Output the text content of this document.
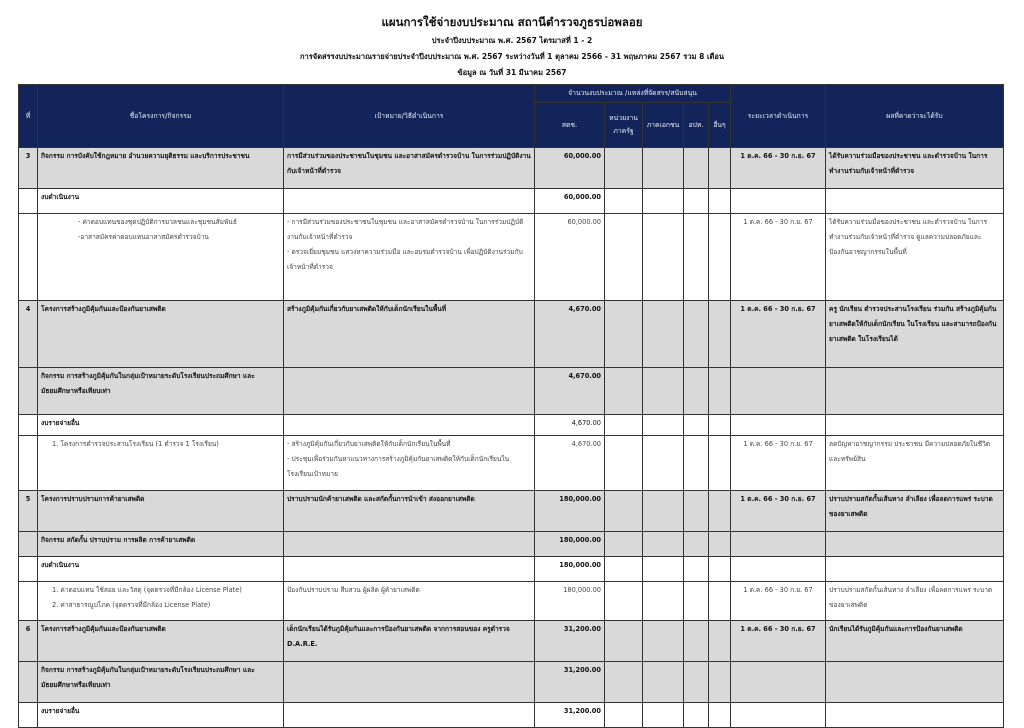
แผนการใช้จ่ายงบประมาณ สถานีตำรวจภูธรบ่อพลอย
ประจำปีงบประมาณ พ.ศ. 2567 ไตรมาสที่ 1 - 2
การจัดสรรงบประมาณรายจ่ายประจำปีงบประมาณ พ.ศ. 2567 ระหว่างวันที่ 1 ตุลาคม 2566 - 31 พฤษภาคม 2567 รวม 8 เดือน
ข้อมูล ณ วันที่ 31 มีนาคม 2567
ที่	ชื่อโครงการ/กิจกรรม	เป้าหมาย/วิธีดำเนินการ	จำนวนงบประมาณ /แหล่งที่จัดสรร/สนับสนุน					ระยะเวลาดำเนินการ	ผลที่คาดว่าจะได้รับ
			สตช.	หน่วยงานภาครัฐ	ภาคเอกชน	อปท.	อื่นๆ		
3	กิจกรรม การบังคับใช้กฎหมาย อำนวยความยุติธรรม และบริการประชาชน	การมีส่วนร่วมของประชาชนในชุมชน และอาสาสมัครตำรวจบ้าน ในการร่วมปฏิบัติงานกับเจ้าหน้าที่ตำรวจ	60,000.00					1 ต.ค. 66 - 30 ก.ย. 67	ได้รับความร่วมมือของประชาชน และตำรวจบ้าน ในการทำงานร่วมกับเจ้าหน้าที่ตำรวจ
	งบดำเนินงาน		60,000.00						
	- ค่าตอบแทนของชุดปฏิบัติการมวลชนและชุมชนสัมพันธ์
-อาสาสมัครค่าตอบแทนอาสาสมัครตำรวจบ้าน	- การมีส่วนร่วมของประชาชนในชุมชน และอาสาสมัครตำรวจบ้าน ในการร่วมปฏิบัติงานกับเจ้าหน้าที่ตำรวจ
- ตรวจเยี่ยมชุมชน แสวงหาความร่วมมือ และอบรมตำรวจบ้าน เพื่อปฏิบัติงานร่วมกับเจ้าหน้าที่ตำรวจ	60,000.00					1 ต.ค. 66 - 30 ก.ย. 67	ได้รับความร่วมมือของประชาชน และตำรวจบ้าน ในการทำงานร่วมกับเจ้าหน้าที่ตำรวจ ดูแลความปลอดภัยและป้องกันอาชญากรรมในพื้นที่
4	โครงการสร้างภูมิคุ้มกันและป้องกันยาเสพติด	สร้างภูมิคุ้มกันเกี่ยวกับยาเสพติดให้กับเด็กนักเรียนในพื้นที่	4,670.00					1 ต.ค. 66 - 30 ก.ย. 67	ครู นักเรียน ตำรวจประสานโรงเรียน ร่วมกัน สร้างภูมิคุ้มกันยาเสพติดให้กับเด็กนักเรียน ในโรงเรียน และสามารถป้องกันยาเสพติด ในโรงเรียนได้
	กิจกรรม การสร้างภูมิคุ้มกันในกลุ่มเป้าหมายระดับโรงเรียนประถมศึกษา และมัธยมศึกษาหรือเทียบเท่า		4,670.00						
	งบรายจ่ายอื่น		4,670.00						
	1. โครงการตำรวจประสานโรงเรียน (1 ตำรวจ 1 โรงเรียน)	- สร้างภูมิคุ้มกันเกี่ยวกับยาเสพติดให้กับเด็กนักเรียนในพื้นที่
- ประชุมเพื่อร่วมกันหาแนวทางการสร้างภูมิคุ้มกันยาเสพติดให้กับเด็กนักเรียนในโรงเรียนเป้าหมาย	4,670.00					1 ต.ค. 66 - 30 ก.ย. 67	ลดปัญหาอาชญากรรม ประชาชน มีความปลอดภัยในชีวิตและทรัพย์สิน
5	โครงการปราบปรามการค้ายาเสพติด	ปราบปรามนักค้ายาเสพติด และสกัดกั้นการนำเข้า ส่งออกยาเสพติด	180,000.00					1 ต.ค. 66 - 30 ก.ย. 67	ปราบปรามสกัดกั้นเส้นทาง ลำเลียง เพื่อลดการแพร่ ระบาดของยาเสพติด
	กิจกรรม สกัดกั้น ปราบปราม การผลิต การค้ายาเสพติด		180,000.00						
	งบดำเนินงาน		180,000.00						
	1. ค่าตอบแทน ใช้สอย และวัสดุ (จุดตรวจที่มีกล้อง License Plate)
2. ค่าสาธารณูปโภค (จุดตรวจที่มีกล้อง License Plate)	ป้องกันปราบปราม สืบสวน ผู้ผลิต ผู้ค้ายาเสพติด	180,000.00					1 ต.ค. 66 - 30 ก.ย. 67	ปราบปรามสกัดกั้นเส้นทาง ลำเลียง เพื่อลดการแพร่ ระบาดของยาเสพติด
6	โครงการสร้างภูมิคุ้มกันและป้องกันยาเสพติด	เด็กนักเรียนได้รับภูมิคุ้มกันและการป้องกันยาเสพติด จากการสอนของ ครูตำรวจ D.A.R.E.	31,200.00					1 ต.ค. 66 - 30 ก.ย. 67	นักเรียนได้รับภูมิคุ้มกันและการป้องกันยาเสพติด
	กิจกรรม การสร้างภูมิคุ้มกันในกลุ่มเป้าหมายระดับโรงเรียนประถมศึกษา และมัธยมศึกษาหรือเทียบเท่า		31,200.00						
	งบรายจ่ายอื่น		31,200.00						
